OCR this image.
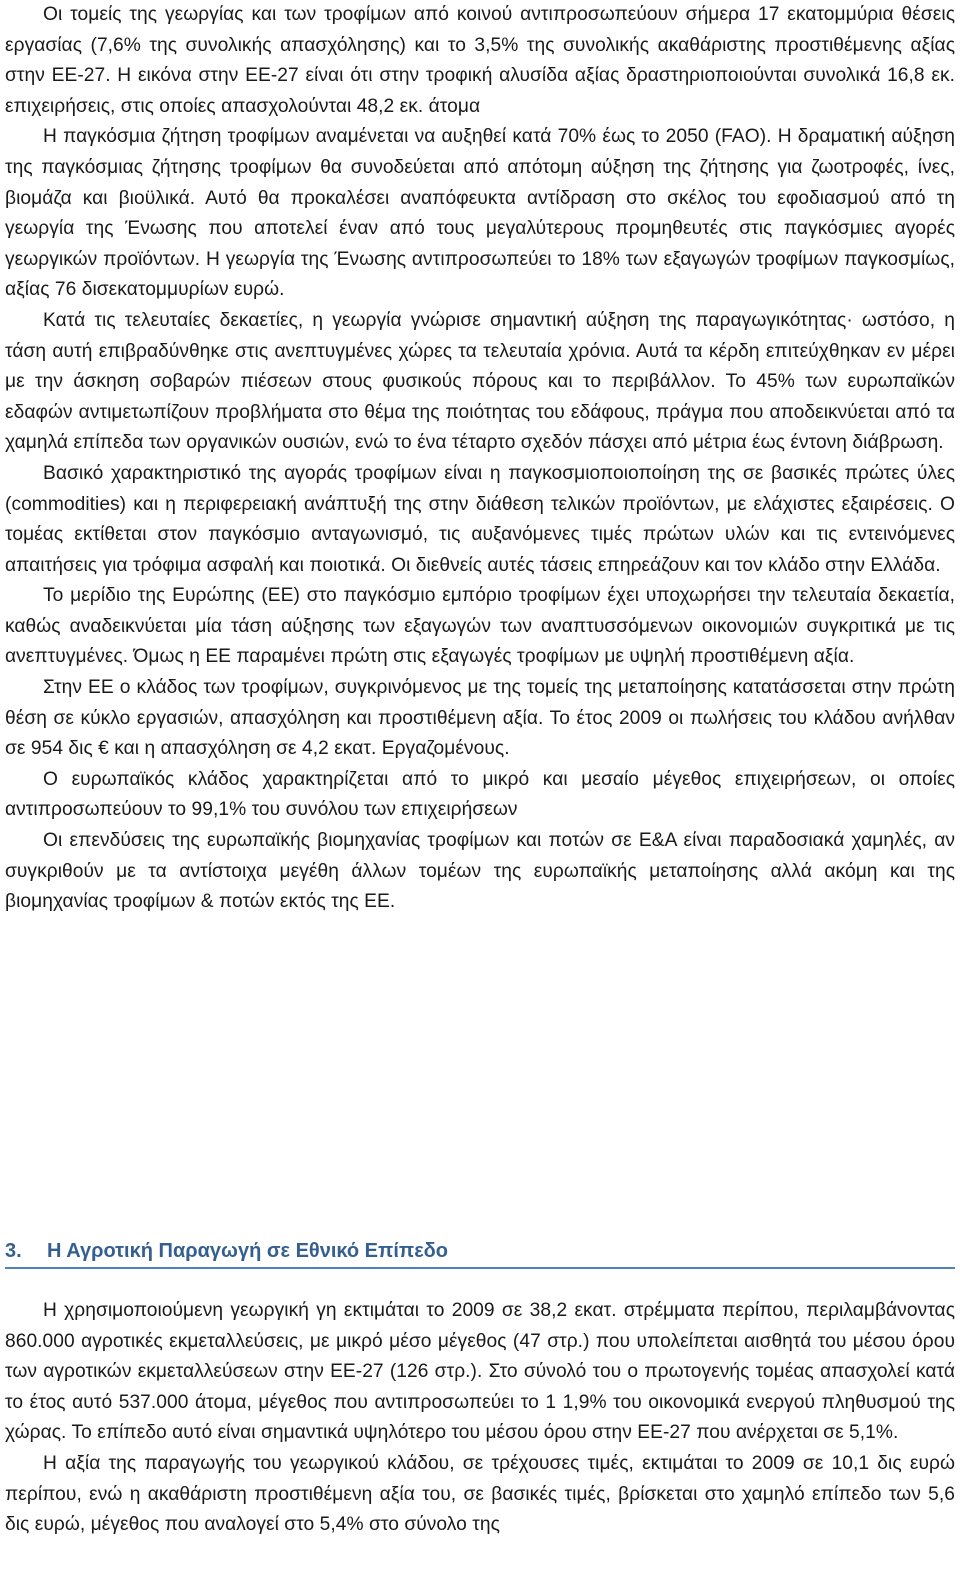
Οι τομείς της γεωργίας και των τροφίμων από κοινού αντιπροσωπεύουν σήμερα 17 εκατομμύρια θέσεις εργασίας (7,6% της συνολικής απασχόλησης) και το 3,5% της συνολικής ακαθάριστης προστιθέμενης αξίας στην ΕΕ-27. Η εικόνα στην ΕΕ-27 είναι ότι στην τροφική αλυσίδα αξίας δραστηριοποιούνται συνολικά 16,8 εκ. επιχειρήσεις, στις οποίες απασχολούνται 48,2 εκ. άτομα

Η παγκόσμια ζήτηση τροφίμων αναμένεται να αυξηθεί κατά 70% έως το 2050 (FAO). Η δραματική αύξηση της παγκόσμιας ζήτησης τροφίμων θα συνοδεύεται από απότομη αύξηση της ζήτησης για ζωοτροφές, ίνες, βιομάζα και βιοϋλικά. Αυτό θα προκαλέσει αναπόφευκτα αντίδραση στο σκέλος του εφοδιασμού από τη γεωργία της Ένωσης που αποτελεί έναν από τους μεγαλύτερους προμηθευτές στις παγκόσμιες αγορές γεωργικών προϊόντων. Η γεωργία της Ένωσης αντιπροσωπεύει το 18% των εξαγωγών τροφίμων παγκοσμίως, αξίας 76 δισεκατομμυρίων ευρώ.

Κατά τις τελευταίες δεκαετίες, η γεωργία γνώρισε σημαντική αύξηση της παραγωγικότητας· ωστόσο, η τάση αυτή επιβραδύνθηκε στις ανεπτυγμένες χώρες τα τελευταία χρόνια. Αυτά τα κέρδη επιτεύχθηκαν εν μέρει με την άσκηση σοβαρών πιέσεων στους φυσικούς πόρους και το περιβάλλον. Το 45% των ευρωπαϊκών εδαφών αντιμετωπίζουν προβλήματα στο θέμα της ποιότητας του εδάφους, πράγμα που αποδεικνύεται από τα χαμηλά επίπεδα των οργανικών ουσιών, ενώ το ένα τέταρτο σχεδόν πάσχει από μέτρια έως έντονη διάβρωση.

Βασικό χαρακτηριστικό της αγοράς τροφίμων είναι η παγκοσμιοποιοποίηση της σε βασικές πρώτες ύλες (commodities) και η περιφερειακή ανάπτυξή της στην διάθεση τελικών προϊόντων, με ελάχιστες εξαιρέσεις. Ο τομέας εκτίθεται στον παγκόσμιο ανταγωνισμό, τις αυξανόμενες τιμές πρώτων υλών και τις εντεινόμενες απαιτήσεις για τρόφιμα ασφαλή και ποιοτικά. Οι διεθνείς αυτές τάσεις επηρεάζουν και τον κλάδο στην Ελλάδα.

Το μερίδιο της Ευρώπης (ΕΕ) στο παγκόσμιο εμπόριο τροφίμων έχει υποχωρήσει την τελευταία δεκαετία, καθώς αναδεικνύεται μία τάση αύξησης των εξαγωγών των αναπτυσσόμενων οικονομιών συγκριτικά με τις ανεπτυγμένες. Όμως η ΕΕ παραμένει πρώτη στις εξαγωγές τροφίμων με υψηλή προστιθέμενη αξία.

Στην ΕΕ ο κλάδος των τροφίμων, συγκρινόμενος με της τομείς της μεταποίησης κατατάσσεται στην πρώτη θέση σε κύκλο εργασιών, απασχόληση και προστιθέμενη αξία. Το έτος 2009 οι πωλήσεις του κλάδου ανήλθαν σε 954 δις € και η απασχόληση σε 4,2 εκατ. Εργαζομένους.

Ο ευρωπαϊκός κλάδος χαρακτηρίζεται από το μικρό και μεσαίο μέγεθος επιχειρήσεων, οι οποίες αντιπροσωπεύουν το 99,1% του συνόλου των επιχειρήσεων

Οι επενδύσεις της ευρωπαϊκής βιομηχανίας τροφίμων και ποτών σε Ε&Α είναι παραδοσιακά χαμηλές, αν συγκριθούν με τα αντίστοιχα μεγέθη άλλων τομέων της ευρωπαϊκής μεταποίησης αλλά ακόμη και της βιομηχανίας τροφίμων & ποτών εκτός της ΕΕ.

3. Η Αγροτική Παραγωγή σε Εθνικό Επίπεδο

Η χρησιμοποιούμενη γεωργική γη εκτιμάται το 2009 σε 38,2 εκατ. στρέμματα περίπου, περιλαμβάνοντας 860.000 αγροτικές εκμεταλλεύσεις, με μικρό μέσο μέγεθος (47 στρ.) που υπολείπεται αισθητά του μέσου όρου των αγροτικών εκμεταλλεύσεων στην ΕΕ-27 (126 στρ.). Στο σύνολό του ο πρωτογενής τομέας απασχολεί κατά το έτος αυτό 537.000 άτομα, μέγεθος που αντιπροσωπεύει το 1 1,9% του οικονομικά ενεργού πληθυσμού της χώρας. Το επίπεδο αυτό είναι σημαντικά υψηλότερο του μέσου όρου στην ΕΕ-27 που ανέρχεται σε 5,1%.

Η αξία της παραγωγής του γεωργικού κλάδου, σε τρέχουσες τιμές, εκτιμάται το 2009 σε 10,1 δις ευρώ περίπου, ενώ η ακαθάριστη προστιθέμενη αξία του, σε βασικές τιμές, βρίσκεται στο χαμηλό επίπεδο των 5,6 δις ευρώ, μέγεθος που αναλογεί στο 5,4% στο σύνολο της
